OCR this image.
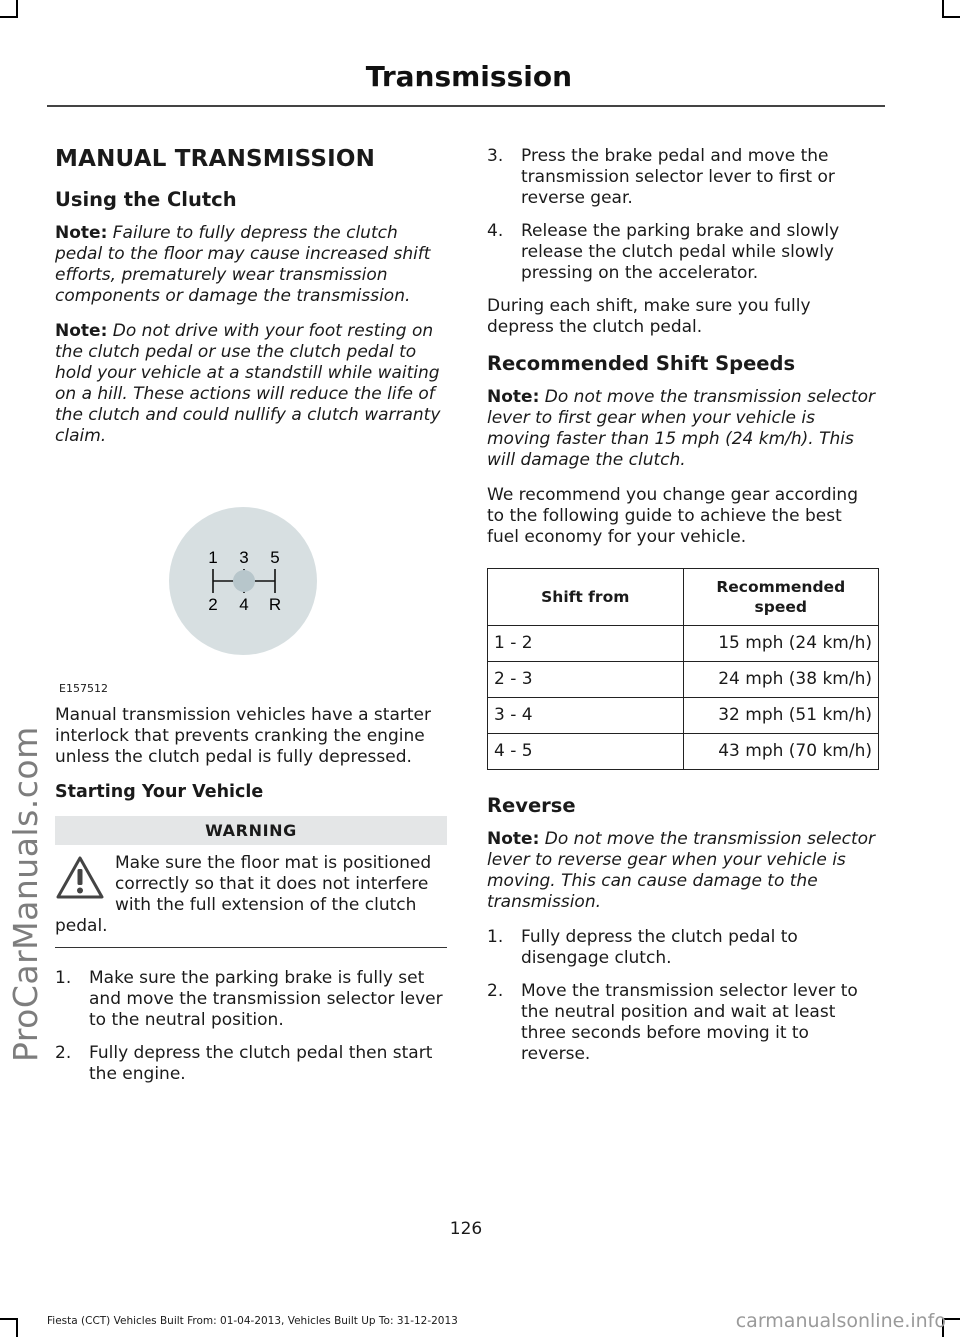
Transmission
MANUAL TRANSMISSION
Using the Clutch

Note: Failure to fully depress the clutch pedal to the floor may cause increased shift efforts, prematurely wear transmission components or damage the transmission.

Note: Do not drive with your foot resting on the clutch pedal or use the clutch pedal to hold your vehicle at a standstill while waiting on a hill. These actions will reduce the life of the clutch and could nullify a clutch warranty claim.

1 3 5
2 4 R
E157512

Manual transmission vehicles have a starter interlock that prevents cranking the engine unless the clutch pedal is fully depressed.

Starting Your Vehicle
WARNING
Make sure the floor mat is positioned correctly so that it does not interfere with the full extension of the clutch pedal.
1. Make sure the parking brake is fully set and move the transmission selector lever to the neutral position.
2. Fully depress the clutch pedal then start the engine.
3. Press the brake pedal and move the transmission selector lever to first or reverse gear.
4. Release the parking brake and slowly release the clutch pedal while slowly pressing on the accelerator.

During each shift, make sure you fully depress the clutch pedal.

Recommended Shift Speeds

Note: Do not move the transmission selector lever to first gear when your vehicle is moving faster than 15 mph (24 km/h). This will damage the clutch.

We recommend you change gear according to the following guide to achieve the best fuel economy for your vehicle.

Shift from	Recommended speed
1 - 2	15 mph (24 km/h)
2 - 3	24 mph (38 km/h)
3 - 4	32 mph (51 km/h)
4 - 5	43 mph (70 km/h)
Reverse

Note: Do not move the transmission selector lever to reverse gear when your vehicle is moving. This can cause damage to the transmission.

1. Fully depress the clutch pedal to disengage clutch.
2. Move the transmission selector lever to the neutral position and wait at least three seconds before moving it to reverse.
126
Fiesta (CCT) Vehicles Built From: 01-04-2013, Vehicles Built Up To: 31-12-2013
ProCarManuals.com
carmanualsonline.info
